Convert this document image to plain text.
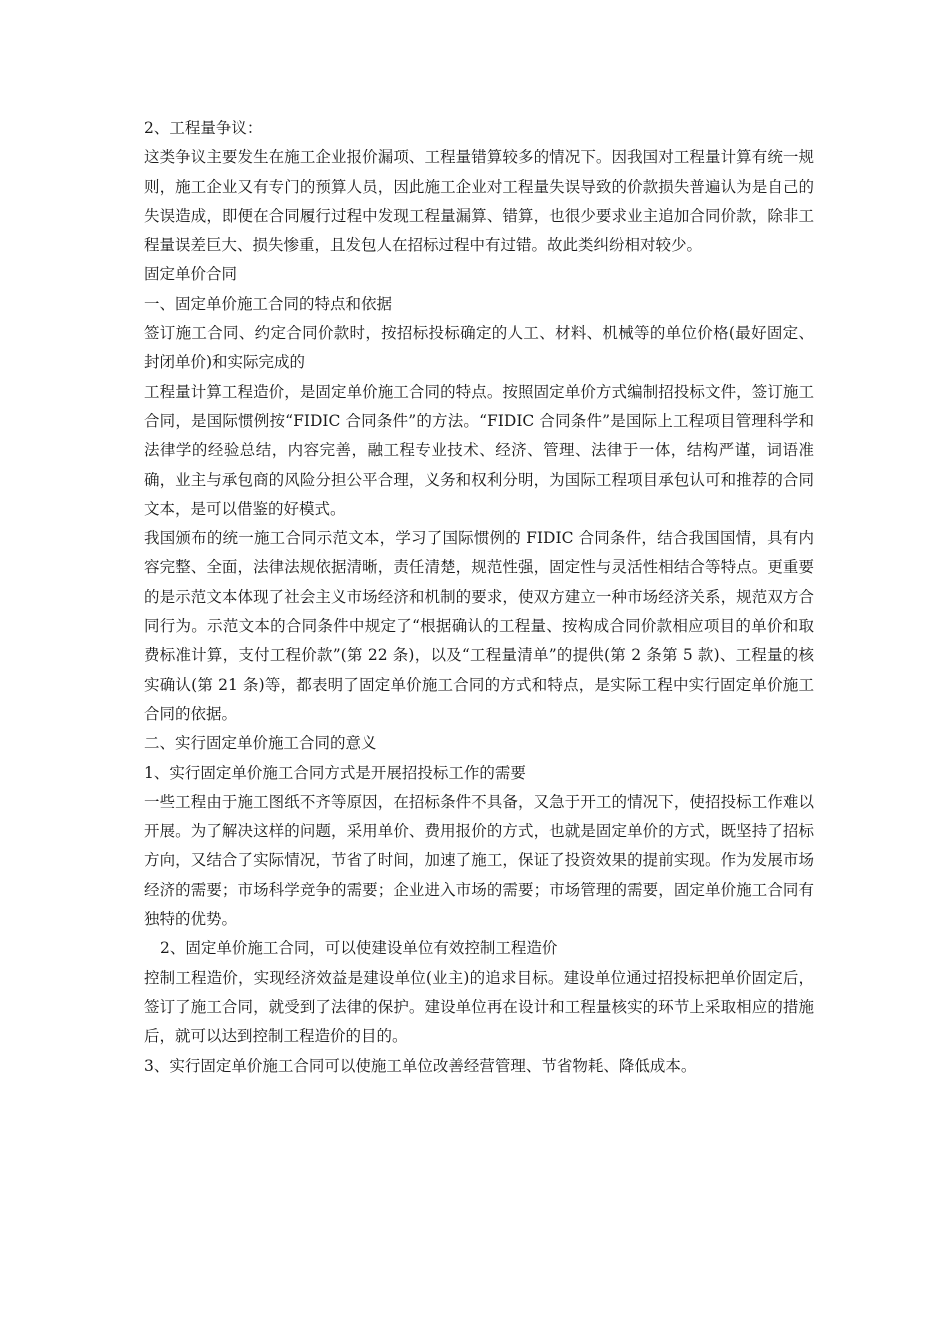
2、工程量争议：

这类争议主要发生在施工企业报价漏项、工程量错算较多的情况下。因我国对工程量计算有统一规则，施工企业又有专门的预算人员，因此施工企业对工程量失误导致的价款损失普遍认为是自己的失误造成，即便在合同履行过程中发现工程量漏算、错算，也很少要求业主追加合同价款，除非工程量误差巨大、损失惨重，且发包人在招标过程中有过错。故此类纠纷相对较少。

固定单价合同

一、固定单价施工合同的特点和依据

签订施工合同、约定合同价款时，按招标投标确定的人工、材料、机械等的单位价格(最好固定、封闭单价)和实际完成的

工程量计算工程造价，是固定单价施工合同的特点。按照固定单价方式编制招投标文件，签订施工合同，是国际惯例按“FIDIC 合同条件”的方法。“FIDIC 合同条件”是国际上工程项目管理科学和法律学的经验总结，内容完善，融工程专业技术、经济、管理、法律于一体，结构严谨，词语准确，业主与承包商的风险分担公平合理，义务和权利分明，为国际工程项目承包认可和推荐的合同文本，是可以借鉴的好模式。

我国颁布的统一施工合同示范文本，学习了国际惯例的 FIDIC 合同条件，结合我国国情，具有内容完整、全面，法律法规依据清晰，责任清楚，规范性强，固定性与灵活性相结合等特点。更重要的是示范文本体现了社会主义市场经济和机制的要求，使双方建立一种市场经济关系，规范双方合同行为。示范文本的合同条件中规定了“根据确认的工程量、按构成合同价款相应项目的单价和取费标准计算，支付工程价款”(第 22 条)，以及“工程量清单”的提供(第 2 条第 5 款)、工程量的核实确认(第 21 条)等，都表明了固定单价施工合同的方式和特点，是实际工程中实行固定单价施工合同的依据。

二、实行固定单价施工合同的意义

1、实行固定单价施工合同方式是开展招投标工作的需要

一些工程由于施工图纸不齐等原因，在招标条件不具备，又急于开工的情况下，使招投标工作难以开展。为了解决这样的问题，采用单价、费用报价的方式，也就是固定单价的方式，既坚持了招标方向，又结合了实际情况，节省了时间，加速了施工，保证了投资效果的提前实现。作为发展市场经济的需要；市场科学竞争的需要；企业进入市场的需要；市场管理的需要，固定单价施工合同有独特的优势。

2、固定单价施工合同，可以使建设单位有效控制工程造价

控制工程造价，实现经济效益是建设单位(业主)的追求目标。建设单位通过招投标把单价固定后，签订了施工合同，就受到了法律的保护。建设单位再在设计和工程量核实的环节上采取相应的措施后，就可以达到控制工程造价的目的。

3、实行固定单价施工合同可以使施工单位改善经营管理、节省物耗、降低成本。
